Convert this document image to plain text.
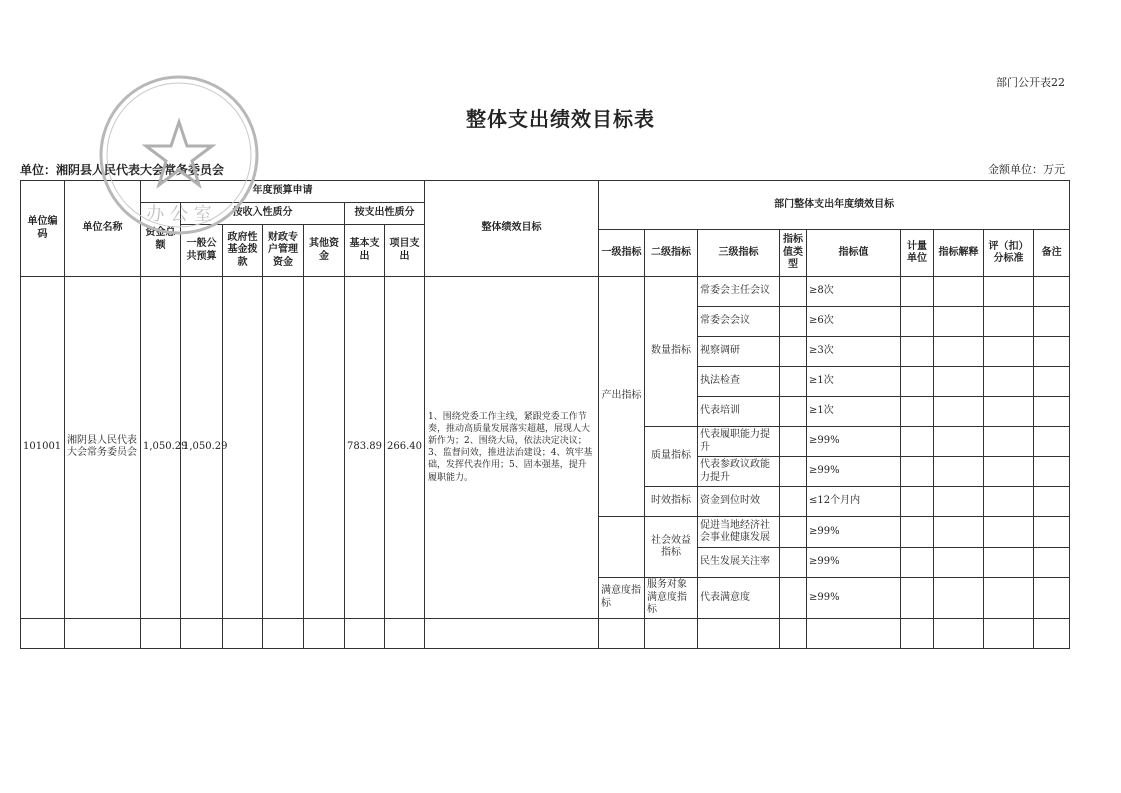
部门公开表22
整体支出绩效目标表
单位：湘阴县人民代表大会常务委员会	金额单位：万元
单位编码	单位名称	年度预算申请							整体绩效目标	部门整体支出年度绩效目标								
		资金总额	按收入性质分				按支出性质分											
			一般公共预算	政府性基金拨款	财政专户管理资金	其他资金	基本支出	项目支出										
										一级指标	二级指标	三级指标	指标值类型	指标值	计量单位	指标解释	评（扣）分标准	备注
101001	湘阴县人民代表大会常务委员会	1,050.29	1,050.29				783.89	266.40	1、围绕党委工作主线，紧跟党委工作节奏，推动高质量发展落实超越，展现人大新作为；2、围绕大局，依法决定决议；3、监督问效，推进法治建设；4、筑牢基础，发挥代表作用；5、固本强基，提升履职能力。	产出指标	数量指标	常委会主任会议		≥8次				
												常委会会议		≥6次				
												视察调研		≥3次				
												执法检查		≥1次				
												代表培训		≥1次				
											质量指标	代表履职能力提升		≥99%				
												代表参政议政能力提升		≥99%				
											时效指标	资金到位时效		≤12个月内				
											社会效益指标	促进当地经济社会事业健康发展		≥99%				
												民生发展关注率		≥99%				
										满意度指标	服务对象满意度指标	代表满意度		≥99%				

办 公 室
